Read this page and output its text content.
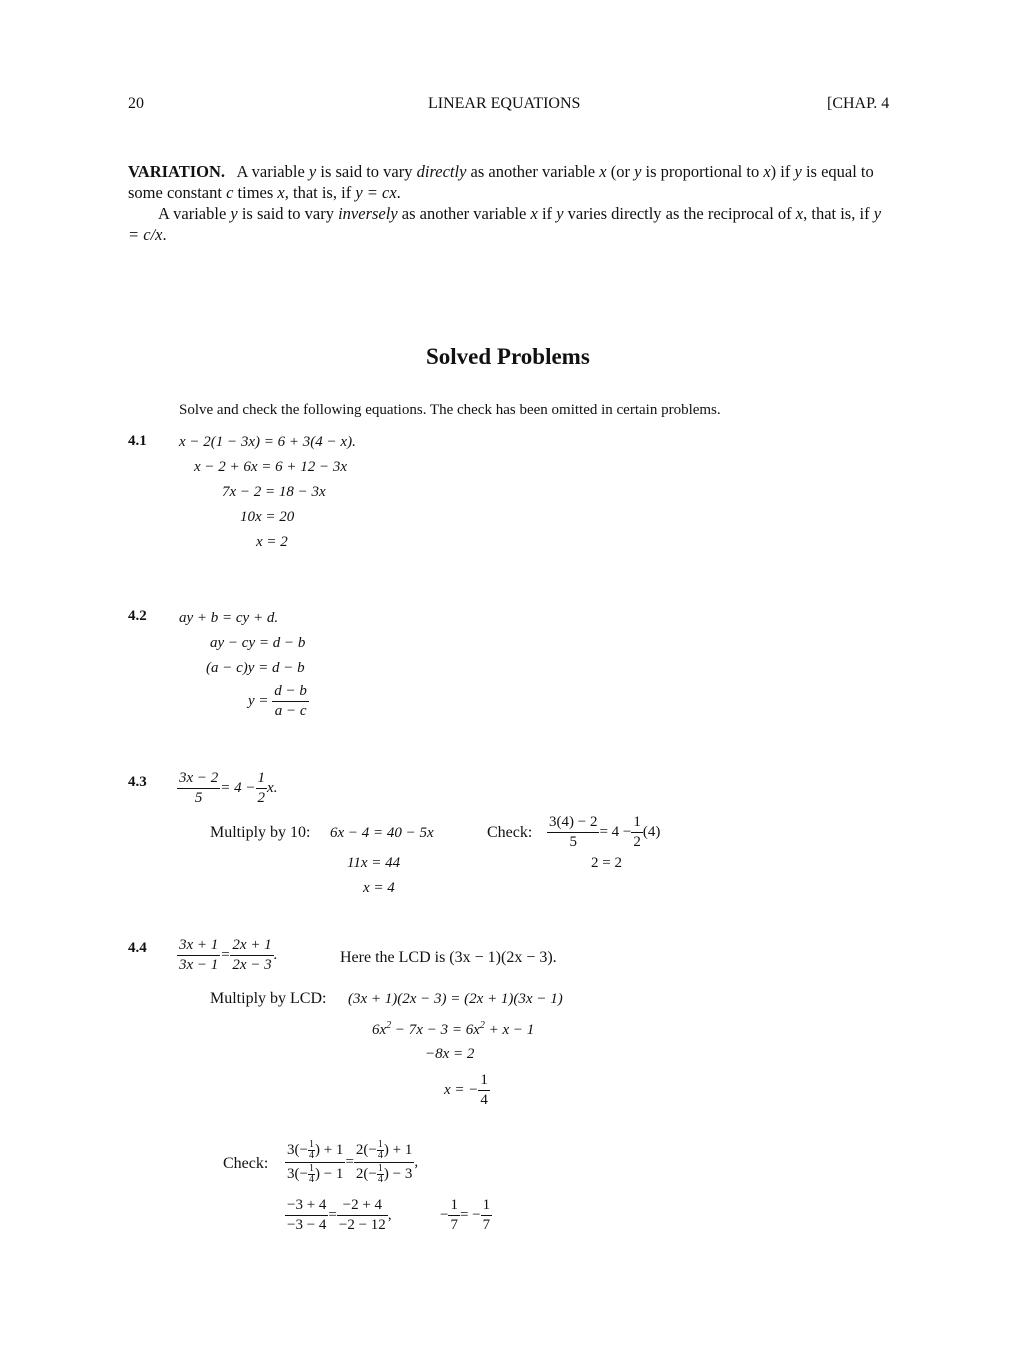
20	LINEAR EQUATIONS	[CHAP. 4

VARIATION. A variable y is said to vary directly as another variable x (or y is proportional to x) if y is equal to some constant c times x, that is, if y = cx.

A variable y is said to vary inversely as another variable x if y varies directly as the reciprocal of x, that is, if y = c/x.

Solved Problems
Solve and check the following equations. The check has been omitted in certain problems.
4.1 x − 2(1 − 3x) = 6 + 3(4 − x).
x − 2 + 6x = 6 + 12 − 3x
7x − 2 = 18 − 3x
10x = 20
x = 2
4.2 ay + b = cy + d.
ay − cy = d − b
(a − c)y = d − b
$y = \frac{d - b}{a - c}$
$4.3 \frac{3x - 2}{5} = 4 - \frac{1}{2} x$.
Multiply by 10: 6x − 4 = 40 − 5x
11x = 44
x = 4
Check: $\frac{3(4) - 2}{5} = 4 - \frac{1}{2} (4)$
2 = 2
$4.4 \frac{3x + 1}{3x - 1} = \frac{2x + 1}{2x - 3}$ .	Here the LCD is (3x − 1)(2x − 3).
Multiply by LCD: (3x + 1)(2x − 3) = (2x + 1)(3x − 1)
$6x^2 - 7x - 3 = 6x^2 + x - 1$
−8x = 2
x = − $\frac{1}{4}$
Check: $\frac{3(- \frac{1}{4} ) + 1}{3(- \frac{1}{4} ) - 1} = \frac{2(- \frac{1}{4} ) + 1}{2(- \frac{1}{4} ) - 3}$ ,
$\frac{-3 + 4}{-3 - 4} = \frac{-2 + 4}{-2 - 12}$ ,	− $\frac{1}{7}$ = − $\frac{1}{7}$
